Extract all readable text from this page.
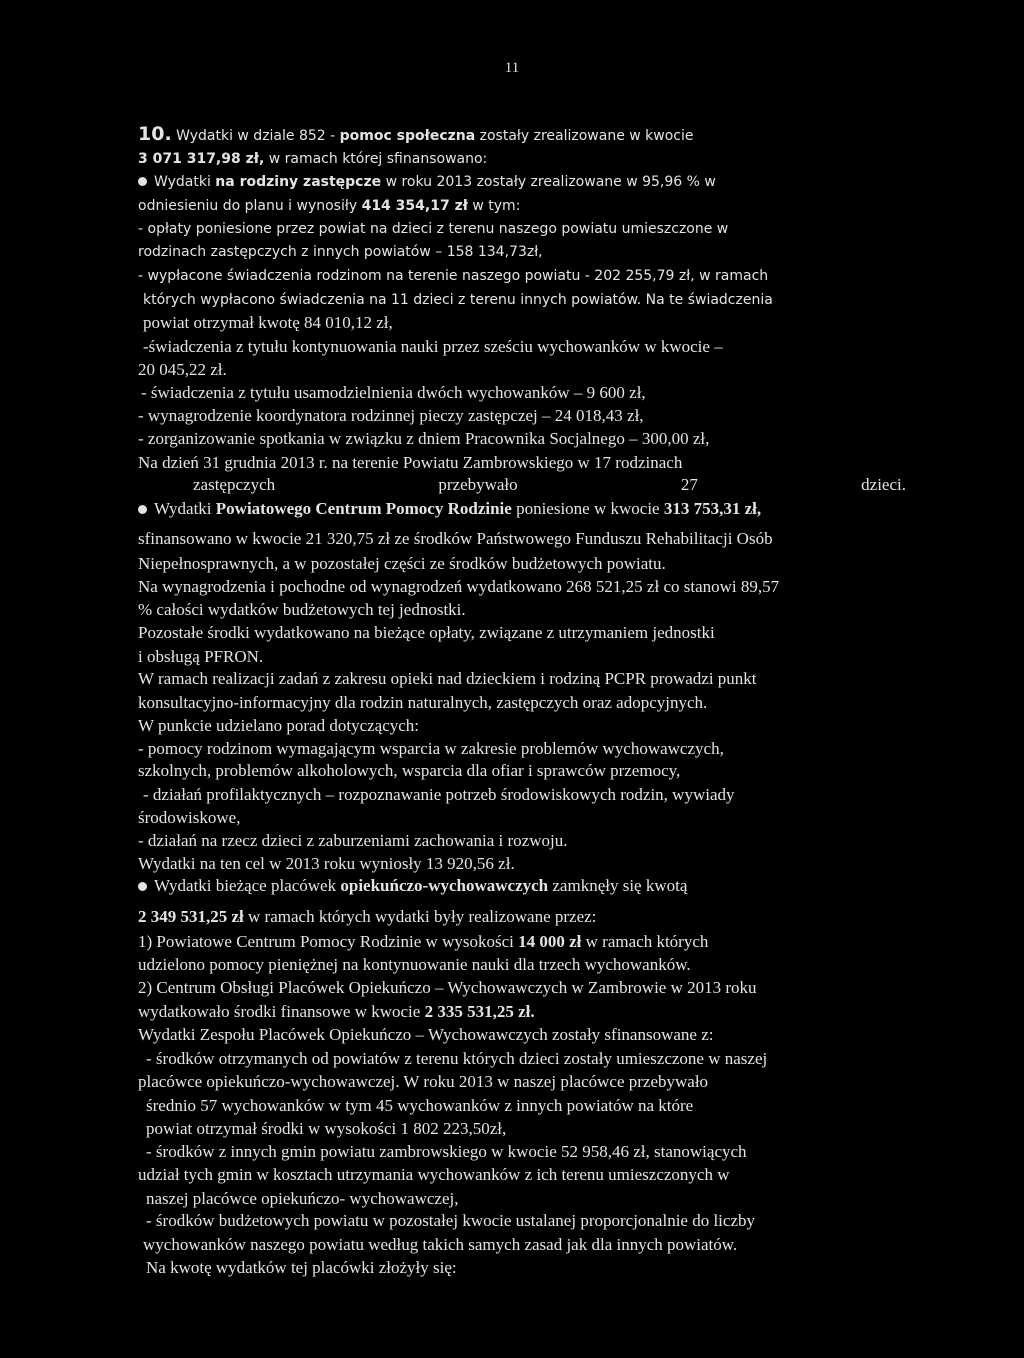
11
10. Wydatki w dziale 852 - pomoc społeczna zostały zrealizowane w kwocie
3 071 317,98 zł, w ramach której sfinansowano:
Wydatki na rodziny zastępcze w roku 2013 zostały zrealizowane w 95,96 % w
odniesieniu do planu i wynosiły 414 354,17 zł w tym:
- opłaty poniesione przez powiat na dzieci z terenu naszego powiatu umieszczone w
rodzinach zastępczych z innych powiatów – 158 134,73zł,
- wypłacone świadczenia rodzinom na terenie naszego powiatu - 202 255,79 zł, w ramach
których wypłacono świadczenia na 11 dzieci z terenu innych powiatów. Na te świadczenia
powiat otrzymał kwotę 84 010,12 zł,
-świadczenia z tytułu kontynuowania nauki przez sześciu wychowanków w kwocie –
20 045,22 zł.
- świadczenia z tytułu usamodzielnienia dwóch wychowanków – 9 600 zł,
- wynagrodzenie koordynatora rodzinnej pieczy zastępczej – 24 018,43 zł,
- zorganizowanie spotkania w związku z dniem Pracownika Socjalnego – 300,00 zł,
Na dzień 31 grudnia 2013 r. na terenie Powiatu Zambrowskiego w 17 rodzinach
zastępczych przebywało 27 dzieci.
Wydatki Powiatowego Centrum Pomocy Rodzinie poniesione w kwocie 313 753,31 zł,
sfinansowano w kwocie 21 320,75 zł ze środków Państwowego Funduszu Rehabilitacji Osób
Niepełnosprawnych, a w pozostałej części ze środków budżetowych powiatu.
Na wynagrodzenia i pochodne od wynagrodzeń wydatkowano 268 521,25 zł co stanowi 89,57
% całości wydatków budżetowych tej jednostki.
Pozostałe środki wydatkowano na bieżące opłaty, związane z utrzymaniem jednostki
i obsługą PFRON.
W ramach realizacji zadań z zakresu opieki nad dzieckiem i rodziną PCPR prowadzi punkt
konsultacyjno-informacyjny dla rodzin naturalnych, zastępczych oraz adopcyjnych.
W punkcie udzielano porad dotyczących:
- pomocy rodzinom wymagającym wsparcia w zakresie problemów wychowawczych,
szkolnych, problemów alkoholowych, wsparcia dla ofiar i sprawców przemocy,
- działań profilaktycznych – rozpoznawanie potrzeb środowiskowych rodzin, wywiady
środowiskowe,
- działań na rzecz dzieci z zaburzeniami zachowania i rozwoju.
Wydatki na ten cel w 2013 roku wyniosły 13 920,56 zł.
Wydatki bieżące placówek opiekuńczo-wychowawczych zamknęły się kwotą
2 349 531,25 zł w ramach których wydatki były realizowane przez:
1) Powiatowe Centrum Pomocy Rodzinie w wysokości 14 000 zł w ramach których
udzielono pomocy pieniężnej na kontynuowanie nauki dla trzech wychowanków.
2) Centrum Obsługi Placówek Opiekuńczo – Wychowawczych w Zambrowie w 2013 roku
wydatkowało środki finansowe w kwocie 2 335 531,25 zł.
Wydatki Zespołu Placówek Opiekuńczo – Wychowawczych zostały sfinansowane z:
- środków otrzymanych od powiatów z terenu których dzieci zostały umieszczone w naszej
placówce opiekuńczo-wychowawczej. W roku 2013 w naszej placówce przebywało
średnio 57 wychowanków w tym 45 wychowanków z innych powiatów na które
powiat otrzymał środki w wysokości 1 802 223,50zł,
- środków z innych gmin powiatu zambrowskiego w kwocie 52 958,46 zł, stanowiących
udział tych gmin w kosztach utrzymania wychowanków z ich terenu umieszczonych w
naszej placówce opiekuńczo- wychowawczej,
- środków budżetowych powiatu w pozostałej kwocie ustalanej proporcjonalnie do liczby
wychowanków naszego powiatu według takich samych zasad jak dla innych powiatów.
Na kwotę wydatków tej placówki złożyły się:
